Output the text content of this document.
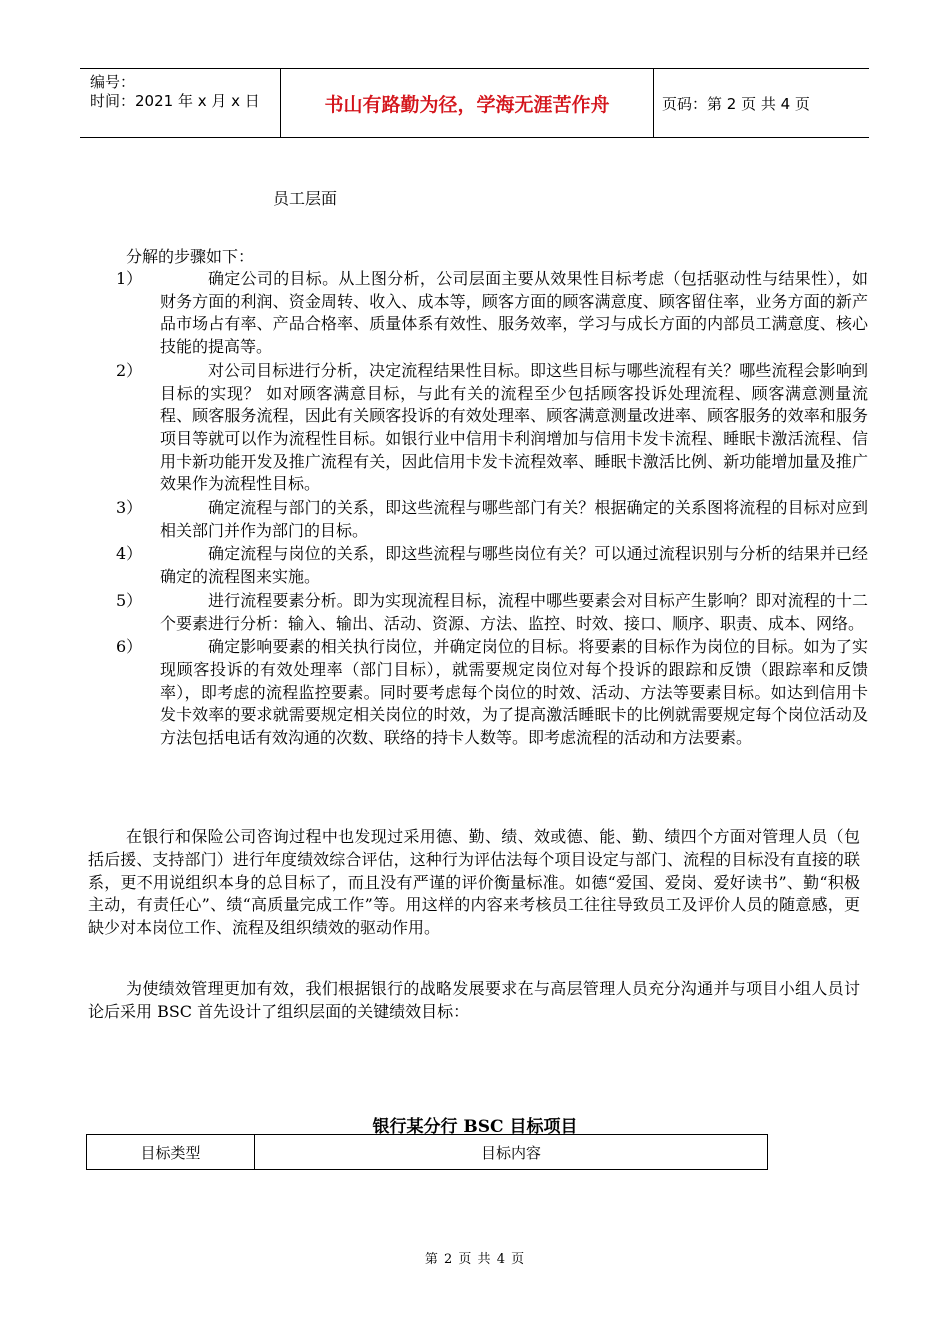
编号：
时间：2021 年 x 月 x 日	书山有路勤为径，学海无涯苦作舟	页码：第 2 页 共 4 页
员工层面
分解的步骤如下：
1）	确定公司的目标。从上图分析，公司层面主要从效果性目标考虑（包括驱动性与结果性），如财务方面的利润、资金周转、收入、成本等，顾客方面的顾客满意度、顾客留住率，业务方面的新产品市场占有率、产品合格率、质量体系有效性、服务效率，学习与成长方面的内部员工满意度、核心技能的提高等。
2）	对公司目标进行分析，决定流程结果性目标。即这些目标与哪些流程有关？哪些流程会影响到目标的实现？ 如对顾客满意目标，与此有关的流程至少包括顾客投诉处理流程、顾客满意测量流程、顾客服务流程，因此有关顾客投诉的有效处理率、顾客满意测量改进率、顾客服务的效率和服务项目等就可以作为流程性目标。如银行业中信用卡利润增加与信用卡发卡流程、睡眠卡激活流程、信用卡新功能开发及推广流程有关，因此信用卡发卡流程效率、睡眠卡激活比例、新功能增加量及推广效果作为流程性目标。
3）	确定流程与部门的关系，即这些流程与哪些部门有关？根据确定的关系图将流程的目标对应到相关部门并作为部门的目标。
4）	确定流程与岗位的关系，即这些流程与哪些岗位有关？可以通过流程识别与分析的结果并已经确定的流程图来实施。
5）	进行流程要素分析。即为实现流程目标，流程中哪些要素会对目标产生影响？即对流程的十二个要素进行分析：输入、输出、活动、资源、方法、监控、时效、接口、顺序、职责、成本、网络。
6）	确定影响要素的相关执行岗位，并确定岗位的目标。将要素的目标作为岗位的目标。如为了实现顾客投诉的有效处理率（部门目标），就需要规定岗位对每个投诉的跟踪和反馈（跟踪率和反馈率），即考虑的流程监控要素。同时要考虑每个岗位的时效、活动、方法等要素目标。如达到信用卡发卡效率的要求就需要规定相关岗位的时效，为了提高激活睡眠卡的比例就需要规定每个岗位活动及方法包括电话有效沟通的次数、联络的持卡人数等。即考虑流程的活动和方法要素。
在银行和保险公司咨询过程中也发现过采用德、勤、绩、效或德、能、勤、绩四个方面对管理人员（包括后援、支持部门）进行年度绩效综合评估，这种行为评估法每个项目设定与部门、流程的目标没有直接的联系，更不用说组织本身的总目标了，而且没有严谨的评价衡量标准。如德“爱国、爱岗、爱好读书”、勤“积极主动，有责任心”、绩“高质量完成工作”等。用这样的内容来考核员工往往导致员工及评价人员的随意感，更缺少对本岗位工作、流程及组织绩效的驱动作用。
为使绩效管理更加有效，我们根据银行的战略发展要求在与高层管理人员充分沟通并与项目小组人员讨论后采用 BSC 首先设计了组织层面的关键绩效目标：
银行某分行 BSC 目标项目
目标类型	目标内容
第 2 页 共 4 页
